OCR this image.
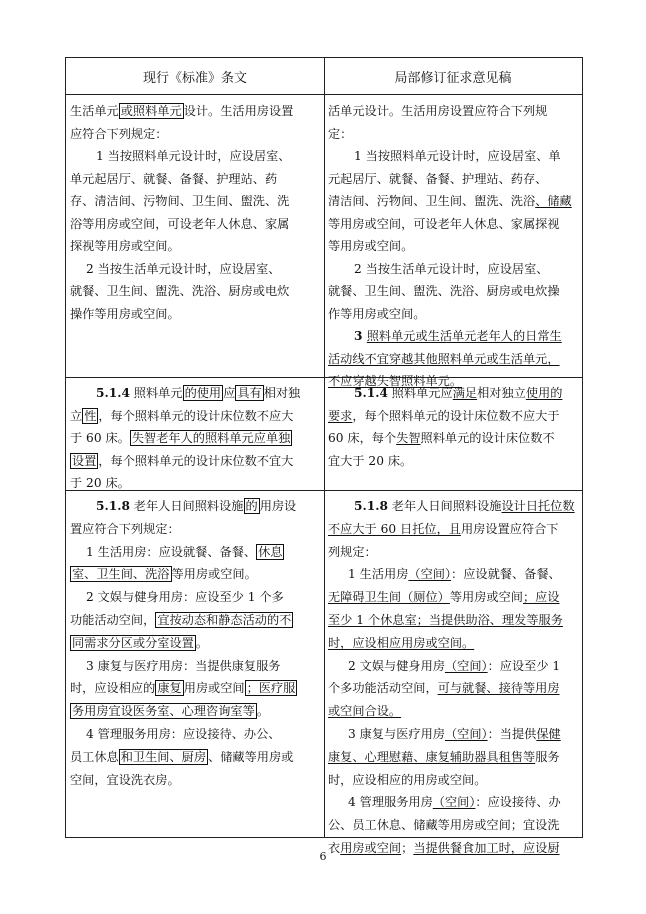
现行《标准》条文	局部修订征求意见稿

生活单元 或照料单元 设计。生活用房设置

应符合下列规定：

1 当按照料单元设计时，应设居室、

单元起居厅、就餐、备餐、护理站、药

存、清洁间、污物间、卫生间、盥洗、洗

浴等用房或空间，可设老年人休息、家属

探视等用房或空间。

2 当按生活单元设计时，应设居室、

就餐、卫生间、盥洗、洗浴、厨房或电炊

操作等用房或空间。

活单元设计。生活用房设置应符合下列规

定：

1 当按照料单元设计时，应设居室、单

元起居厅、就餐、备餐、护理站、药存、

清洁间、污物间、卫生间、盥洗、洗浴、储藏

等用房或空间，可设老年人休息、家属探视

等用房或空间。

2 当按生活单元设计时，应设居室、

就餐、卫生间、盥洗、洗浴、厨房或电炊操

作等用房或空间。

3 照料单元或生活单元老年人的日常生

活动线不宜穿越其他照料单元或生活单元，

不应穿越失智照料单元。

5.1.4 照料单元 的使用 应 具有 相对独

立 性 ，每个照料单元的设计床位数不应大

于 60 床。 失智老年人的照料单元应单独

设置 ，每个照料单元的设计床位数不宜大

于 20 床。

5.1.4 照料单元应满足相对独立使用的

要求，每个照料单元的设计床位数不应大于

60 床，每个失智照料单元的设计床位数不

宜大于 20 床。

5.1.8 老年人日间照料设施 的 用房设

置应符合下列规定：

1 生活用房：应设就餐、备餐、 休息

室、卫生间、洗浴 等用房或空间。

2 文娱与健身用房：应设至少 1 个多

功能活动空间， 宜按动态和静态活动的不

同需求分区或分室设置 。

3 康复与医疗用房：当提供康复服务

时，应设相应的 康复 用房或空间 ；医疗服

务用房宜设医务室、心理咨询室等 。

4 管理服务用房：应设接待、办公、

员工休息 和卫生间、厨房 、储藏等用房或

空间，宜设洗衣房。

5.1.8 老年人日间照料设施设计日托位数

不应大于 60 日托位，且用房设置应符合下

列规定：

1 生活用房（空间）：应设就餐、备餐、

无障碍卫生间（厕位）等用房或空间；应设

至少 1 个休息室；当提供助浴、理发等服务

时，应设相应用房或空间。

2 文娱与健身用房（空间）：应设至少 1

个多功能活动空间，可与就餐、接待等用房

或空间合设。

3 康复与医疗用房（空间）：当提供保健

康复、心理慰藉、康复辅助器具租售等服务

时，应设相应的用房或空间。

4 管理服务用房（空间）：应设接待、办

公、员工休息、储藏等用房或空间；宜设洗

衣用房或空间；当提供餐食加工时，应设厨

6
